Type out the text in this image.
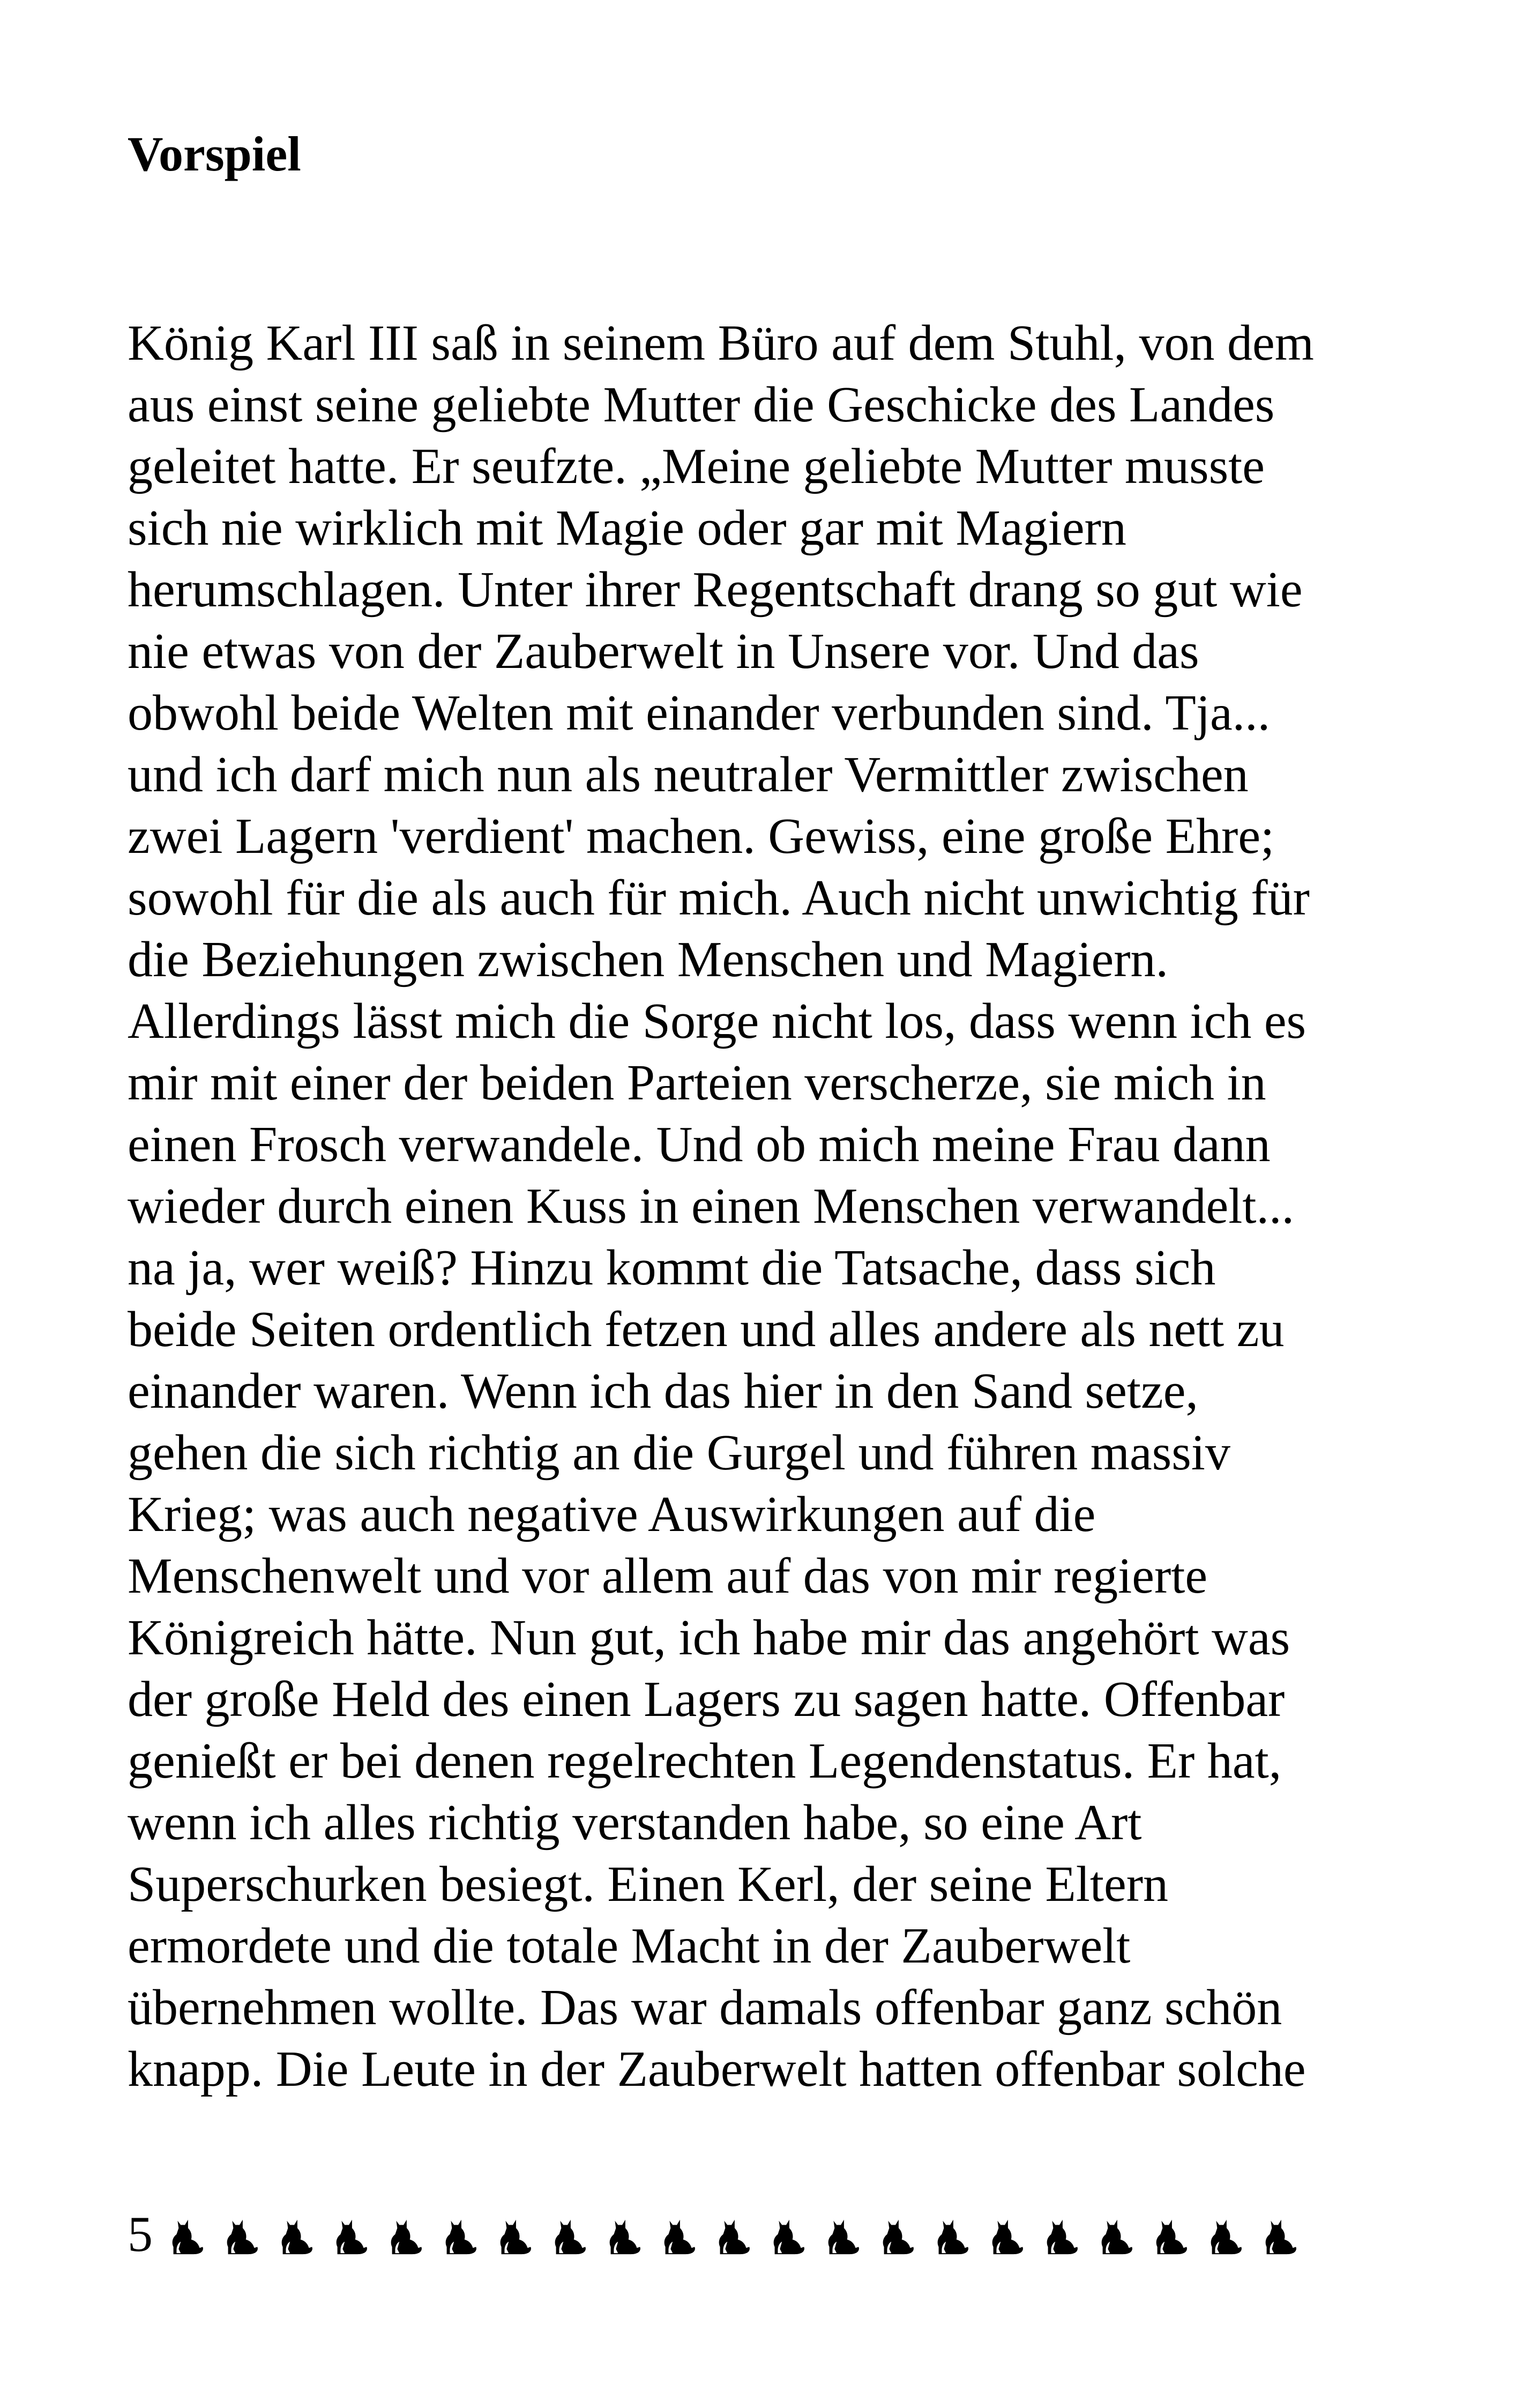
Vorspiel
König Karl III saß in seinem Büro auf dem Stuhl, von dem
aus einst seine geliebte Mutter die Geschicke des Landes
geleitet hatte. Er seufzte. „Meine geliebte Mutter musste
sich nie wirklich mit Magie oder gar mit Magiern
herumschlagen. Unter ihrer Regentschaft drang so gut wie
nie etwas von der Zauberwelt in Unsere vor. Und das
obwohl beide Welten mit einander verbunden sind. Tja...
und ich darf mich nun als neutraler Vermittler zwischen
zwei Lagern 'verdient' machen. Gewiss, eine große Ehre;
sowohl für die als auch für mich. Auch nicht unwichtig für
die Beziehungen zwischen Menschen und Magiern.
Allerdings lässt mich die Sorge nicht los, dass wenn ich es
mir mit einer der beiden Parteien verscherze, sie mich in
einen Frosch verwandele. Und ob mich meine Frau dann
wieder durch einen Kuss in einen Menschen verwandelt...
na ja, wer weiß? Hinzu kommt die Tatsache, dass sich
beide Seiten ordentlich fetzen und alles andere als nett zu
einander waren. Wenn ich das hier in den Sand setze,
gehen die sich richtig an die Gurgel und führen massiv
Krieg; was auch negative Auswirkungen auf die
Menschenwelt und vor allem auf das von mir regierte
Königreich hätte. Nun gut, ich habe mir das angehört was
der große Held des einen Lagers zu sagen hatte. Offenbar
genießt er bei denen regelrechten Legendenstatus. Er hat,
wenn ich alles richtig verstanden habe, so eine Art
Superschurken besiegt. Einen Kerl, der seine Eltern
ermordete und die totale Macht in der Zauberwelt
übernehmen wollte. Das war damals offenbar ganz schön
knapp. Die Leute in der Zauberwelt hatten offenbar solche
5
